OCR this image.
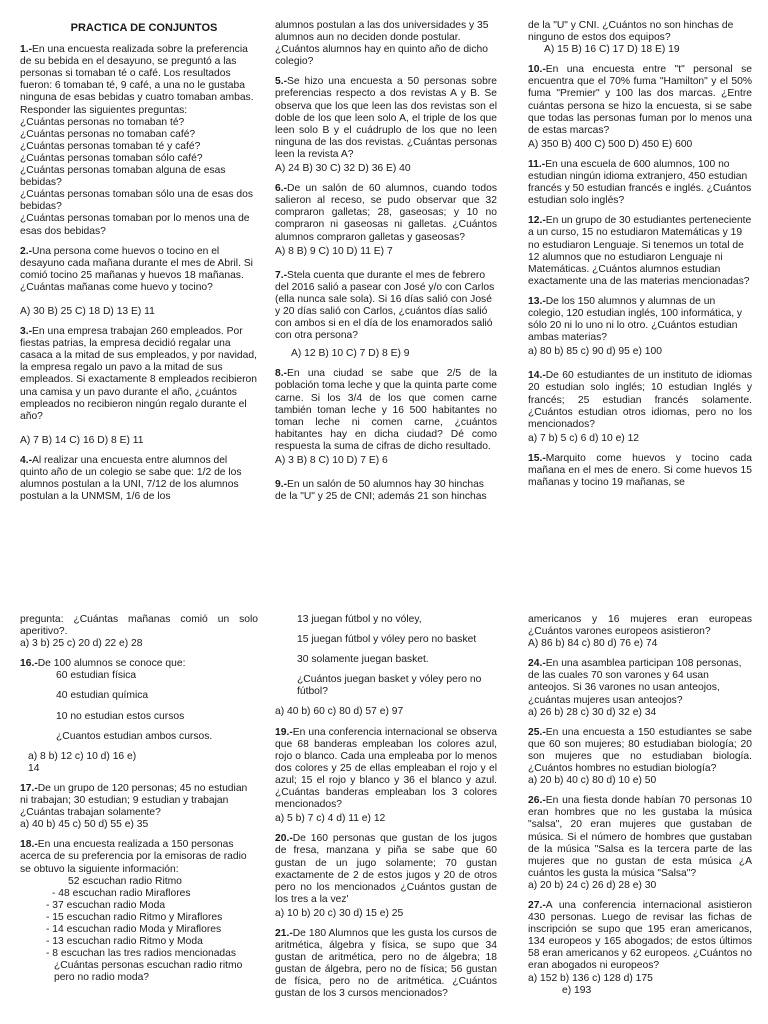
PRACTICA DE CONJUNTOS
1.-En una encuesta realizada sobre la preferencia de su bebida en el desayuno, se preguntó a las personas si tomaban té o café. Los resultados fueron: 6 tomaban té, 9 café, a una no le gustaba ninguna de esas bebidas y cuatro tomaban ambas.
Responder las siguientes preguntas:
¿Cuántas personas no tomaban té?
¿Cuántas personas no tomaban café?
¿Cuántas personas tomaban té y café?
¿Cuántas personas tomaban sólo café?
¿Cuántas personas tomaban alguna de esas bebidas?
¿Cuántas personas tomaban sólo una de esas dos bebidas?
¿Cuántas personas tomaban por lo menos una de esas dos bebidas?
2.-Una persona come huevos o tocino en el desayuno cada mañana durante el mes de Abril. Si comió tocino 25 mañanas y huevos 18 mañanas. ¿Cuántas mañanas come huevo y tocino?
A) 30 B) 25 C) 18 D) 13 E) 11
3.-En una empresa trabajan 260 empleados. Por fiestas patrias, la empresa decidió regalar una casaca a la mitad de sus empleados, y por navidad, la empresa regalo un pavo a la mitad de sus empleados. Si exactamente 8 empleados recibieron una camisa y un pavo durante el año, ¿cuántos empleados no recibieron ningún regalo durante el año?
A) 7 B) 14 C) 16 D) 8 E) 11
4.-Al realizar una encuesta entre alumnos del quinto año de un colegio se sabe que: 1/2 de los alumnos postulan a la UNI, 7/12 de los alumnos postulan a la UNMSM, 1/6 de los
alumnos postulan a las dos universidades y 35 alumnos aun no deciden donde postular. ¿Cuántos alumnos hay en quinto año de dicho colegio?
5.-Se hizo una encuesta a 50 personas sobre preferencias respecto a dos revistas A y B. Se observa que los que leen las dos revistas son el doble de los que leen solo A, el triple de los que leen solo B y el cuádruplo de los que no leen ninguna de las dos revistas. ¿Cuántas personas leen la revista A?
A) 24 B) 30 C) 32 D) 36 E) 40
6.-De un salón de 60 alumnos, cuando todos salieron al receso, se pudo observar que 32 compraron galletas; 28, gaseosas; y 10 no compraron ni gaseosas ni galletas. ¿Cuántos alumnos compraron galletas y gaseosas?
A) 8 B) 9 C) 10 D) 11 E) 7
7.-Stela cuenta que durante el mes de febrero del 2016 salió a pasear con José y/o con Carlos (ella nunca sale sola). Si 16 días salió con José y 20 días salió con Carlos, ¿cuántos días salió con ambos si en el día de los enamorados salió con otra persona?
A) 12 B) 10 C) 7 D) 8 E) 9
8.-En una ciudad se sabe que 2/5 de la población toma leche y que la quinta parte come carne. Si los 3/4 de los que comen carne también toman leche y 16 500 habitantes no toman leche ni comen carne, ¿cuántos habitantes hay en dicha ciudad? Dé como respuesta la suma de cifras de dicho resultado.
A) 3 B) 8 C) 10 D) 7 E) 6
9.-En un salón de 50 alumnos hay 30 hinchas de la "U" y 25 de CNI; además 21 son hinchas
de la "U" y CNI. ¿Cuántos no son hinchas de ninguno de estos dos equipos?
A) 15 B) 16 C) 17 D) 18 E) 19
10.-En una encuesta entre "t" personal se encuentra que el 70% fuma "Hamilton" y el 50% fuma "Premier" y 100 las dos marcas. ¿Entre cuántas persona se hizo la encuesta, si se sabe que todas las personas fuman por lo menos una de estas marcas?
A) 350 B) 400 C) 500 D) 450 E) 600
11.-En una escuela de 600 alumnos, 100 no estudian ningún idioma extranjero, 450 estudian francés y 50 estudian francés e inglés. ¿Cuántos estudian solo inglés?
12.-En un grupo de 30 estudiantes perteneciente a un curso, 15 no estudiaron Matemáticas y 19 no estudiaron Lenguaje. Si tenemos un total de 12 alumnos que no estudiaron Lenguaje ni Matemáticas. ¿Cuántos alumnos estudian exactamente una de las materias mencionadas?
13.-De los 150 alumnos y alumnas de un colegio, 120 estudian inglés, 100 informática, y sólo 20 ni lo uno ni lo otro. ¿Cuántos estudian ambas materias?
a) 80 b) 85 c) 90 d) 95 e) 100
14.-De 60 estudiantes de un instituto de idiomas 20 estudian solo inglés; 10 estudian Inglés y francés; 25 estudian francés solamente. ¿Cuántos estudian otros idiomas, pero no los mencionados?
a) 7 b) 5 c) 6 d) 10 e) 12
15.-Marquito come huevos y tocino cada mañana en el mes de enero. Si come huevos 15 mañanas y tocino 19 mañanas, se
pregunta: ¿Cuántas mañanas comió un solo aperitivo?.
a) 3 b) 25 c) 20 d) 22 e) 28
16.-De 100 alumnos se conoce que:
60 estudian física
40 estudian química
10 no estudian estos cursos
¿Cuantos estudian ambos cursos.
a) 8 b) 12 c) 10 d) 16 e)
14
17.-De un grupo de 120 personas; 45 no estudian ni trabajan; 30 estudian; 9 estudian y trabajan ¿Cuántas trabajan solamente?
a) 40 b) 45 c) 50 d) 55 e) 35
18.-En una encuesta realizada a 150 personas acerca de su preferencia por la emisoras de radio se obtuvo la siguiente información:
52 escuchan radio Ritmo
- 48 escuchan radio Miraflores
- 37 escuchan radio Moda
- 15 escuchan radio Ritmo y Miraflores
- 14 escuchan radio Moda y Miraflores
- 13 escuchan radio Ritmo y Moda
- 8 escuchan las tres radios mencionadas
¿Cuántas personas escuchan radio ritmo pero no radio moda?
13 juegan fútbol y no vóley,
15 juegan fútbol y vóley pero no basket
30 solamente juegan basket.
¿Cuántos juegan basket y vóley pero no fútbol?
a) 40 b) 60 c) 80 d) 57 e) 97
19.-En una conferencia internacional se observa que 68 banderas empleaban los colores azul, rojo o blanco. Cada una empleaba por lo menos dos colores y 25 de ellas empleaban el rojo y el azul; 15 el rojo y blanco y 36 el blanco y azul. ¿Cuántas banderas empleaban los 3 colores mencionados?
a) 5 b) 7 c) 4 d) 11 e) 12
20.-De 160 personas que gustan de los jugos de fresa, manzana y piña se sabe que 60 gustan de un jugo solamente; 70 gustan exactamente de 2 de estos jugos y 20 de otros pero no los mencionados ¿Cuántos gustan de los tres a la vez'
a) 10 b) 20 c) 30 d) 15 e) 25
21.-De 180 Alumnos que les gusta los cursos de aritmética, álgebra y física, se supo que 34 gustan de aritmética, pero no de álgebra; 18 gustan de álgebra, pero no de física; 56 gustan de física, pero no de aritmética. ¿Cuántos gustan de los 3 cursos mencionados?
americanos y 16 mujeres eran europeas ¿Cuántos varones europeos asistieron?
A) 86 b) 84 c) 80 d) 76 e) 74
24.-En una asamblea participan 108 personas, de las cuales 70 son varones y 64 usan anteojos. Si 36 varones no usan anteojos, ¿cuántas mujeres usan anteojos?
a) 26 b) 28 c) 30 d) 32 e) 34
25.-En una encuesta a 150 estudiantes se sabe que 60 son mujeres; 80 estudiaban biología; 20 son mujeres que no estudiaban biología. ¿Cuántos hombres no estudian biología?
a) 20 b) 40 c) 80 d) 10 e) 50
26.-En una fiesta donde habían 70 personas 10 eran hombres que no les gustaba la música "salsa", 20 eran mujeres que gustaban de música. Si el número de hombres que gustaban de la música "Salsa es la tercera parte de las mujeres que no gustan de esta música ¿A cuántos les gusta la música "Salsa"?
a) 20 b) 24 c) 26 d) 28 e) 30
27.-A una conferencia internacional asistieron 430 personas. Luego de revisar las fichas de inscripción se supo que 195 eran americanos, 134 europeos y 165 abogados; de estos últimos 58 eran americanos y 62 europeos. ¿Cuántos no eran abogados ni europeos?
a) 152 b) 136 c) 128 d) 175
e) 193
